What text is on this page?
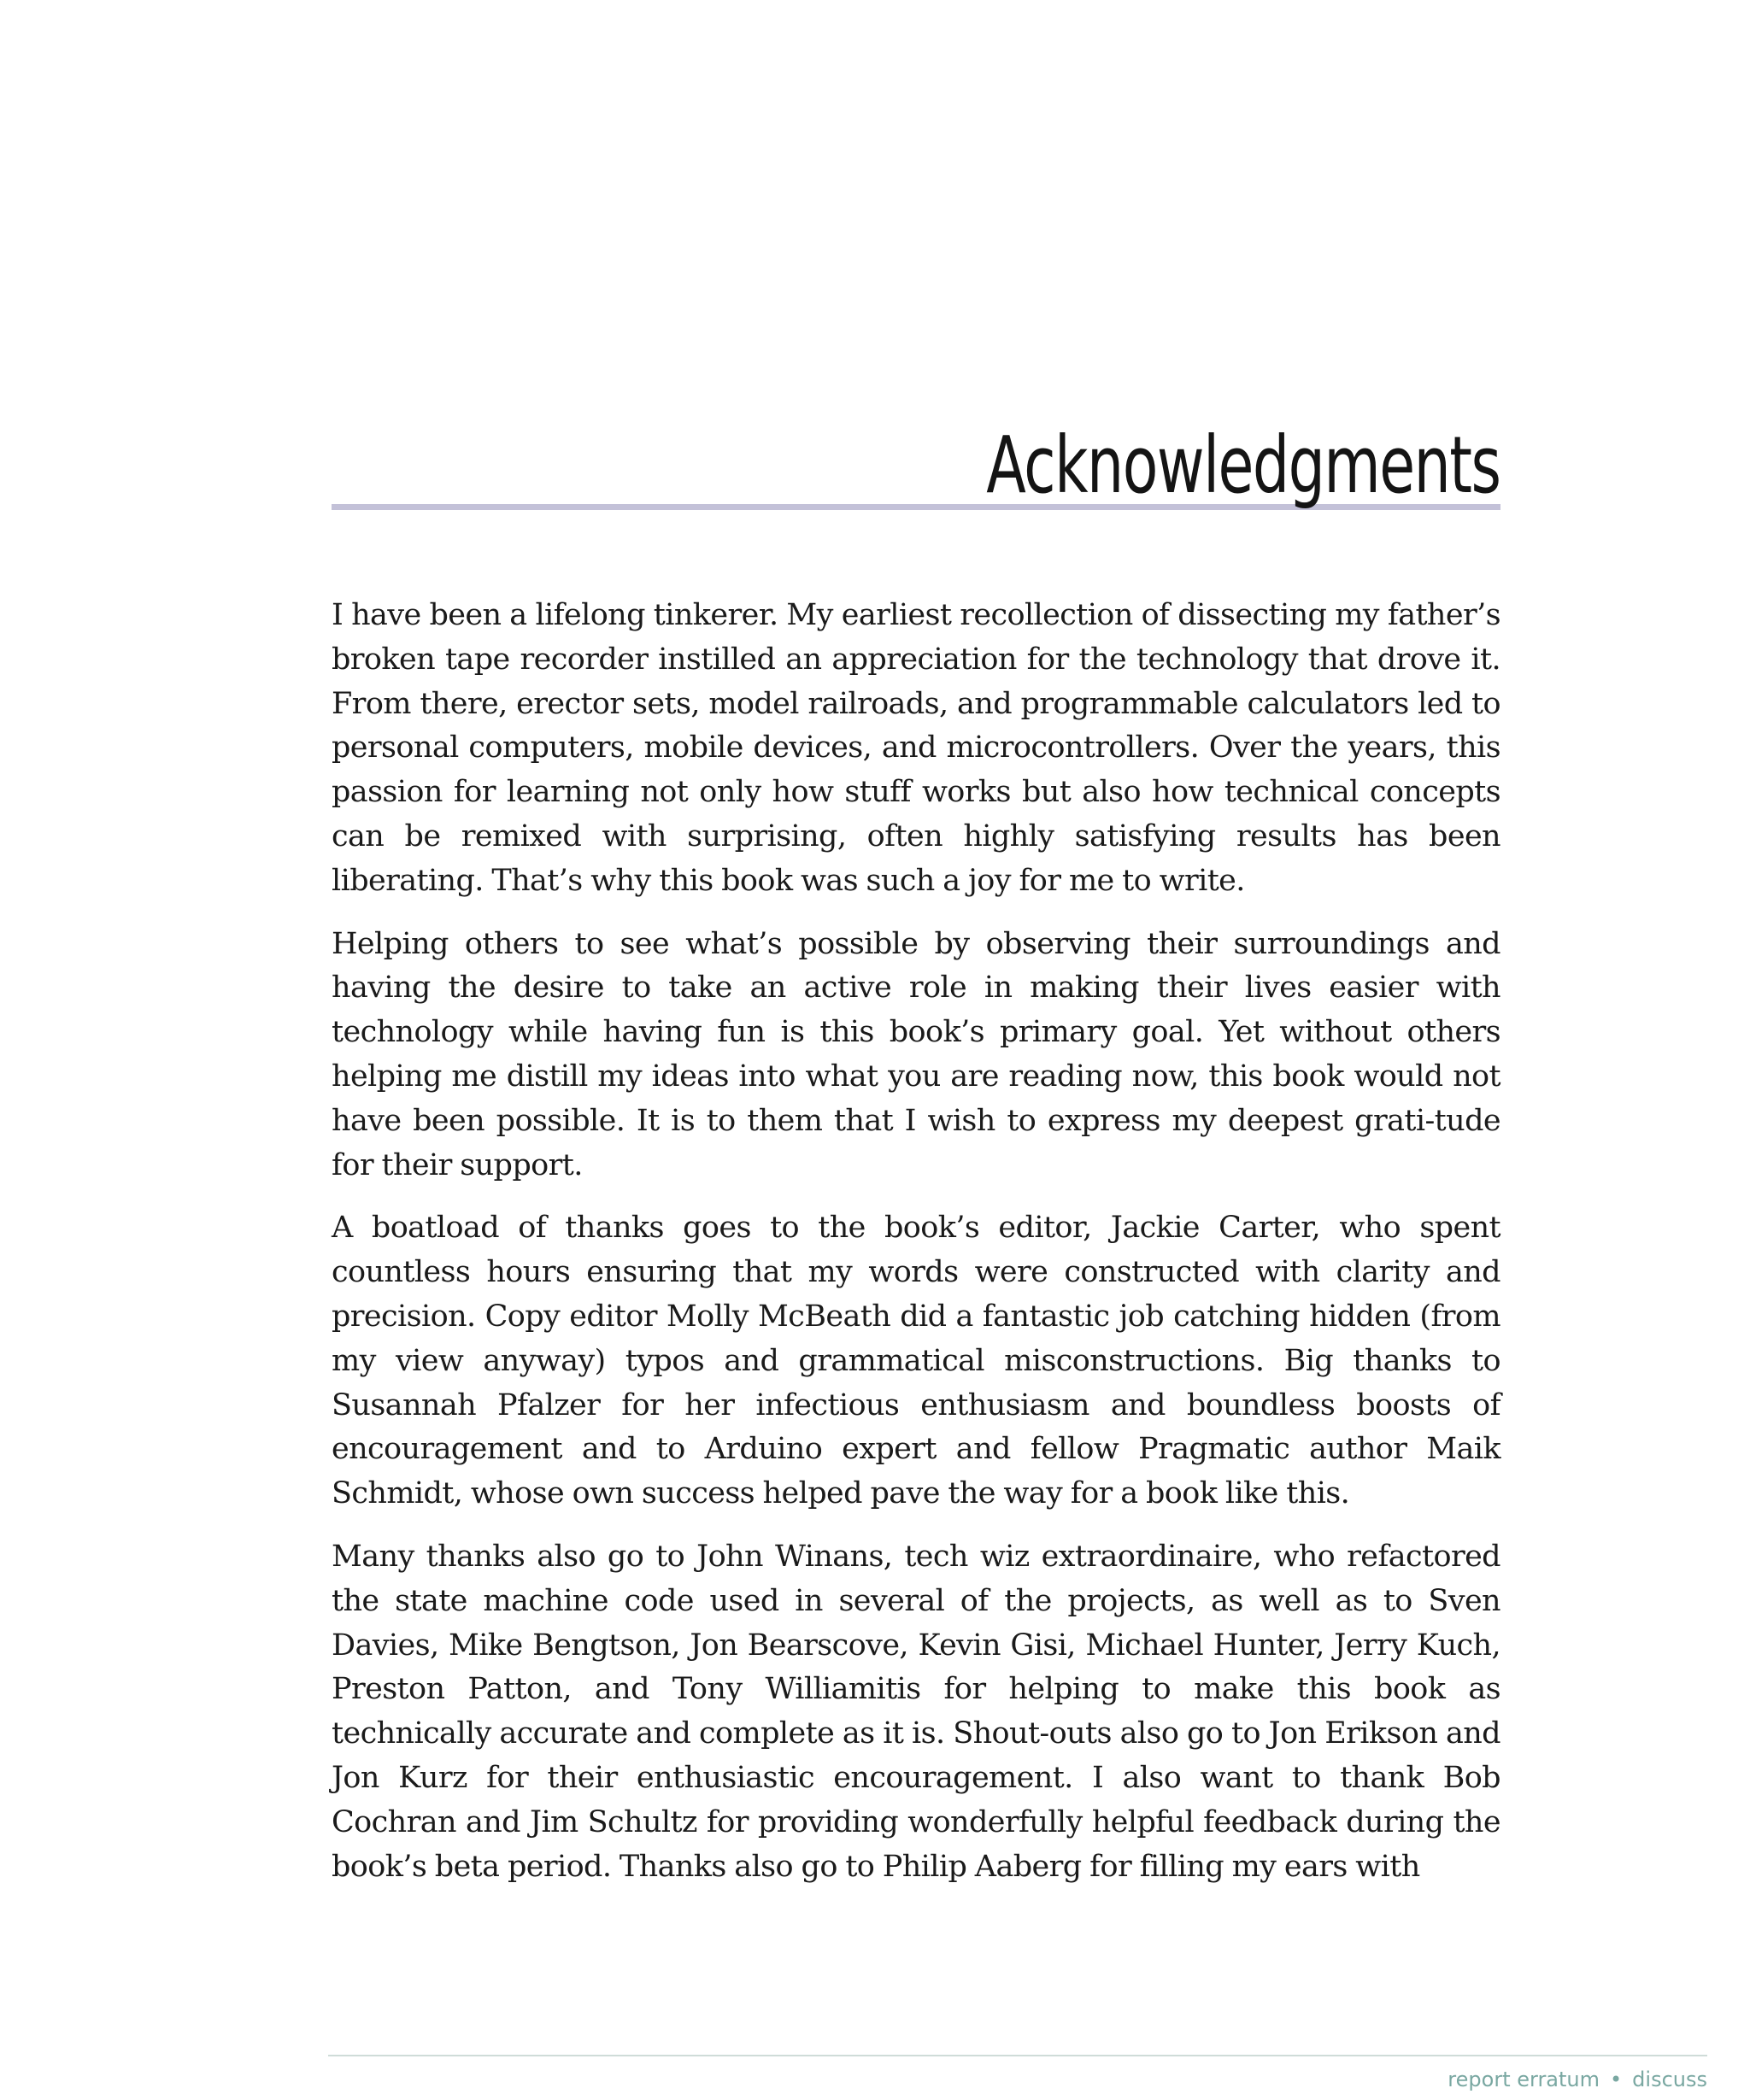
Acknowledgments

I have been a lifelong tinkerer. My earliest recollection of dissecting my father’s broken tape recorder instilled an appreciation for the technology that drove it. From there, erector sets, model railroads, and programmable calculators led to personal computers, mobile devices, and microcontrollers. Over the years, this passion for learning not only how stuff works but also how technical concepts can be remixed with surprising, often highly satisfying results has been liberating. That’s why this book was such a joy for me to write.

Helping others to see what’s possible by observing their surroundings and having the desire to take an active role in making their lives easier with technology while having fun is this book’s primary goal. Yet without others helping me distill my ideas into what you are reading now, this book would not have been possible. It is to them that I wish to express my deepest grati-tude for their support.

A boatload of thanks goes to the book’s editor, Jackie Carter, who spent countless hours ensuring that my words were constructed with clarity and precision. Copy editor Molly McBeath did a fantastic job catching hidden (from my view anyway) typos and grammatical misconstructions. Big thanks to Susannah Pfalzer for her infectious enthusiasm and boundless boosts of encouragement and to Arduino expert and fellow Pragmatic author Maik Schmidt, whose own success helped pave the way for a book like this.

Many thanks also go to John Winans, tech wiz extraordinaire, who refactored the state machine code used in several of the projects, as well as to Sven Davies, Mike Bengtson, Jon Bearscove, Kevin Gisi, Michael Hunter, Jerry Kuch, Preston Patton, and Tony Williamitis for helping to make this book as technically accurate and complete as it is. Shout-outs also go to Jon Erikson and Jon Kurz for their enthusiastic encouragement. I also want to thank Bob Cochran and Jim Schultz for providing wonderfully helpful feedback during the book’s beta period. Thanks also go to Philip Aaberg for filling my ears with

report erratum • discuss
